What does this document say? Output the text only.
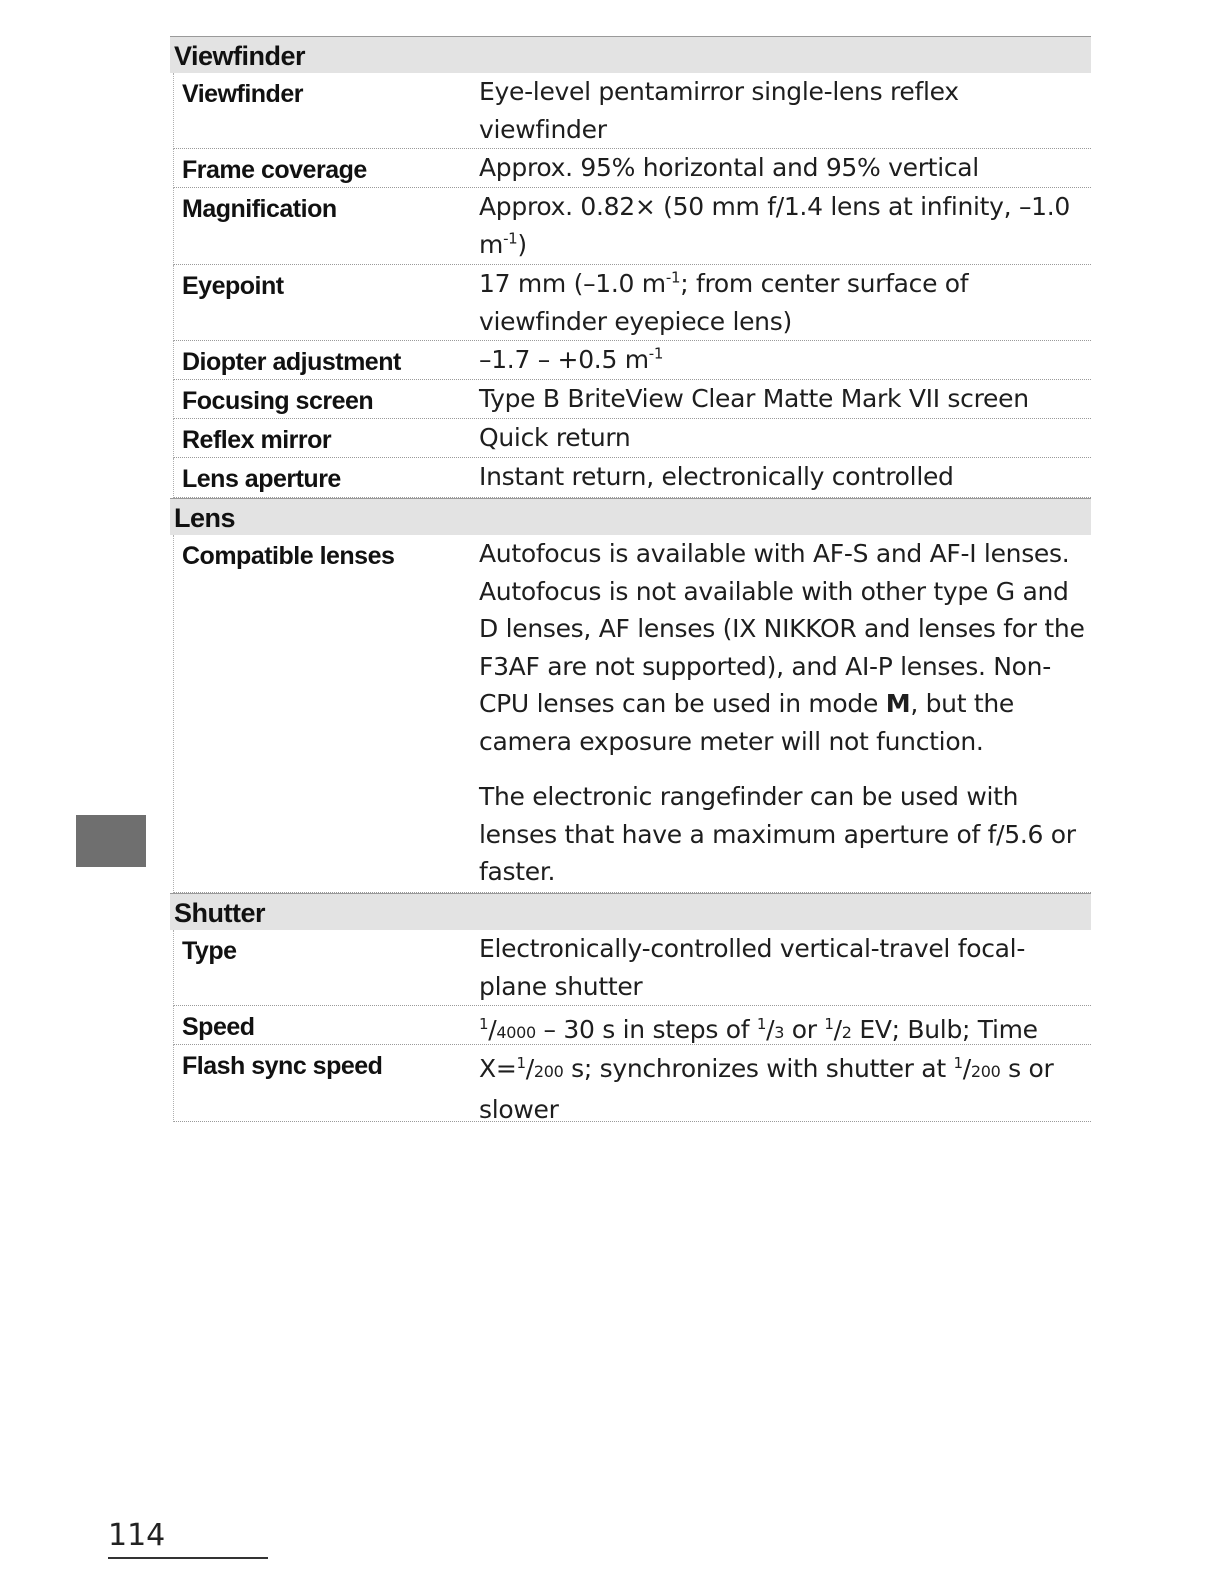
Viewfinder
Viewfinder	Eye-level pentamirror single-lens reflex viewfinder
Frame coverage	Approx. 95% horizontal and 95% vertical
Magnification	Approx. 0.82× (50 mm f/1.4 lens at infinity, –1.0 $m^{-1}$)
Eyepoint	17 mm (–1.0 $m^{-1}$; from center surface of viewfinder eyepiece lens)
Diopter adjustment	–1.7 – +0.5 $m^{-1}$
Focusing screen	Type B BriteView Clear Matte Mark VII screen
Reflex mirror	Quick return
Lens aperture	Instant return, electronically controlled
Lens
Compatible lenses	Autofocus is available with AF-S and AF-I lenses. Autofocus is not available with other type G and D lenses, AF lenses (IX NIKKOR and lenses for the F3AF are not supported), and AI-P lenses. Non-CPU lenses can be used in mode M, but the camera exposure meter will not function.

The electronic rangefinder can be used with lenses that have a maximum aperture of f/5.6 or faster.

Shutter
Type	Electronically-controlled vertical-travel focal-plane shutter
Speed	$^1$/4000 – 30 s in steps of $^1$/3 or $^1$/2 EV; Bulb; Time
Flash sync speed	X=$^1$/200 s; synchronizes with shutter at $^1$/200 s or slower
114
